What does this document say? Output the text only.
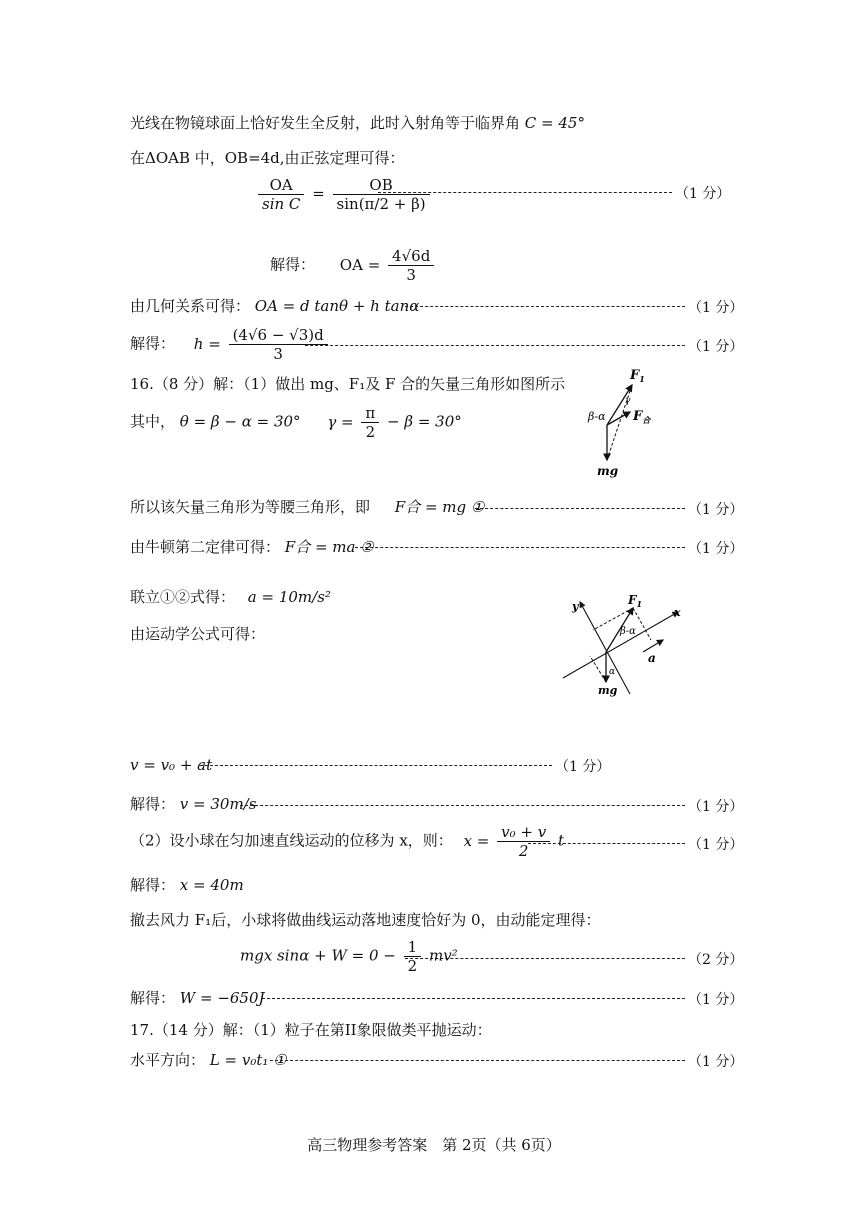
光线在物镜球面上恰好发生全反射，此时入射角等于临界角 C = 45°
在ΔOAB 中，OB=4d,由正弦定理可得：
$\frac{OA}{\text{sin C}} = \frac{OB}{\sin(\pi/2 + \beta)}$	（1 分）
解得： OA = $\frac{4√6d}{3}$
由几何关系可得： OA = d tanθ + h tanα	（1 分）
解得： $h = \frac{(4√6 - √3)d}{3}$	（1 分）
16.（8 分）解：（1）做出 mg、F₁及 F 合的矢量三角形如图所示
其中， θ = β − α = 30° $\gamma = \frac{\pi}{2} - \beta = 30^\circ$
$F_1$
β-α
γ
$F_合$
mg
所以该矢量三角形为等腰三角形，即 F合 = mg ①	（1 分）
由牛顿第二定律可得： F合 = ma ②	（1 分）
联立①②式得： a = 10m/s²
由运动学公式可得：
y	$F_1$
x
β-α
a
α
mg
v = v₀ + at	（1 分）
解得： v = 30m/s	（1 分）
（2）设小球在匀加速直线运动的位移为 x，则： $x = \frac{\text{v₀ + v}}{2}$ t	（1 分）
解得： x = 40m
撤去风力 F₁后，小球将做曲线运动落地速度恰好为 0，由动能定理得：
mgx $\sin\alpha + W = 0 - \frac{1}{2} mv^2$	（2 分）
解得： W = −650J	（1 分）
17.（14 分）解：（1）粒子在第II象限做类平抛运动：
水平方向： L = v₀t₁ ①	（1 分）
高三物理参考答案　第 2页（共 6页）
